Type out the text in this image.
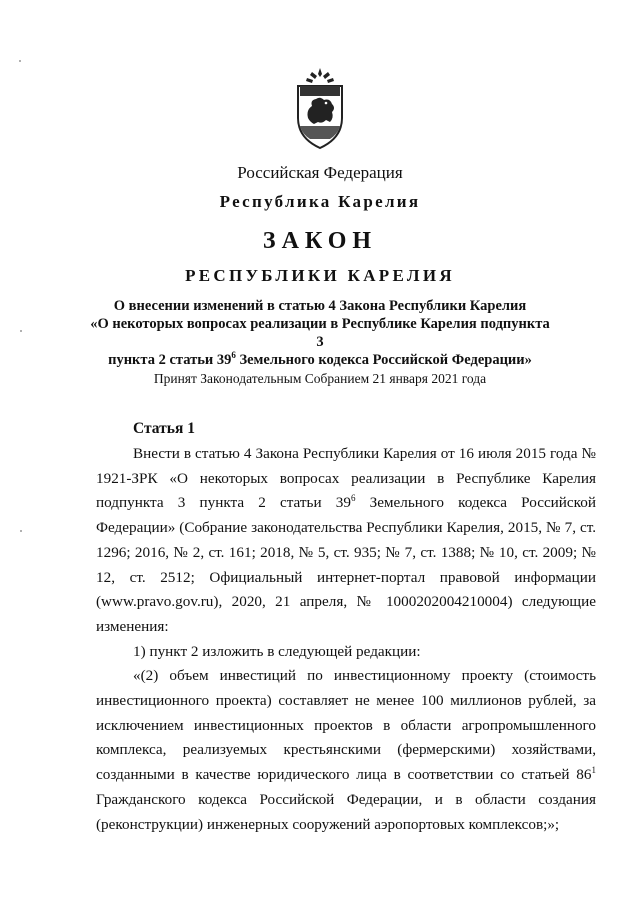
Российская Федерация
Республика Карелия
ЗАКОН
РЕСПУБЛИКИ КАРЕЛИЯ
О внесении изменений в статью 4 Закона Республики Карелия
«О некоторых вопросах реализации в Республике Карелия подпункта 3
пункта 2 статьи $39^6$ Земельного кодекса Российской Федерации»
Принят Законодательным Собранием 21 января 2021 года
Статья 1

Внести в статью 4 Закона Республики Карелия от 16 июля 2015 года № 1921-ЗРК «О некоторых вопросах реализации в Республике Карелия подпункта 3 пункта 2 статьи $39^6$ Земельного кодекса Российской Федерации» (Собрание законодательства Республики Карелия, 2015, № 7, ст. 1296; 2016, № 2, ст. 161; 2018, № 5, ст. 935; № 7, ст. 1388; № 10, ст. 2009; № 12, ст. 2512; Официальный интернет-портал правовой информации (www.pravo.gov.ru), 2020, 21 апреля, № 1000202004210004) следующие изменения:

1) пункт 2 изложить в следующей редакции:

«(2) объем инвестиций по инвестиционному проекту (стоимость инвестиционного проекта) составляет не менее 100 миллионов рублей, за исключением инвестиционных проектов в области агропромышленного комплекса, реализуемых крестьянскими (фермерскими) хозяйствами, созданными в качестве юридического лица в соответствии со статьей $86^1$ Гражданского кодекса Российской Федерации, и в области создания (реконструкции) инженерных сооружений аэропортовых комплексов;»;
